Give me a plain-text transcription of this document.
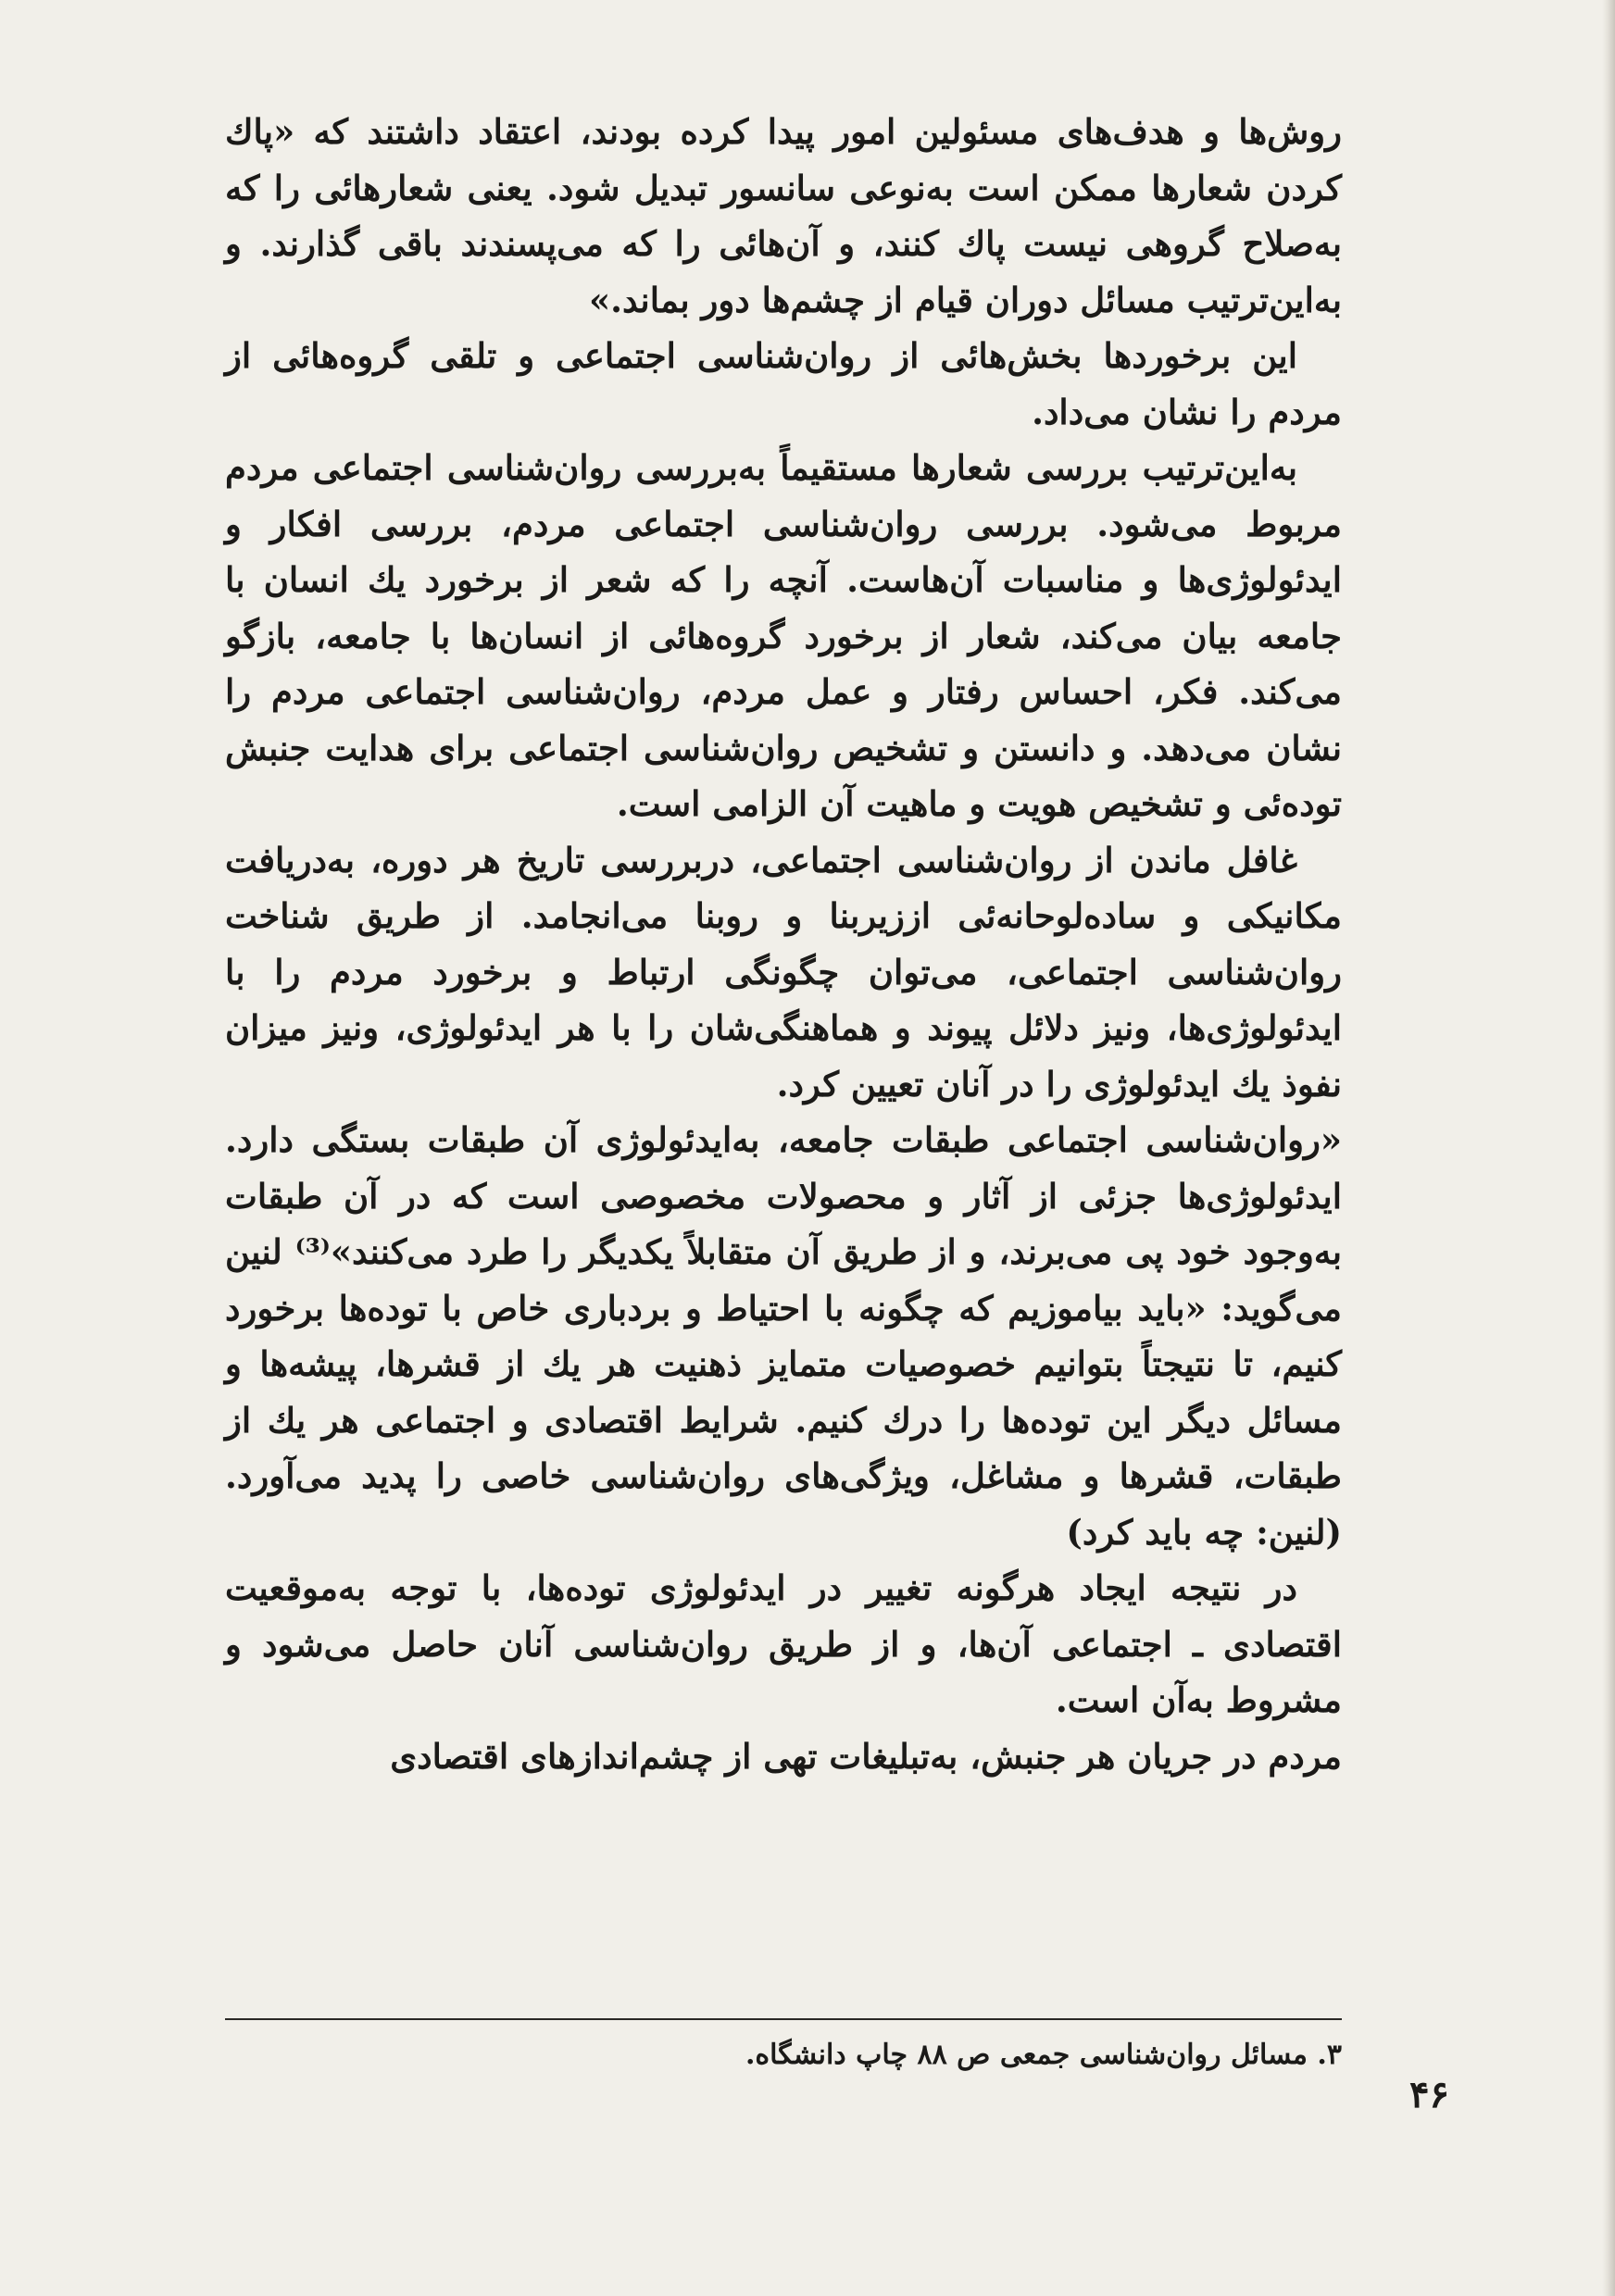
روش‌ها و هدف‌های مسئولین امور پیدا کرده بودند، اعتقاد داشتند که «پاك کردن شعارها ممکن است به‌نوعی سانسور تبدیل شود. یعنی شعارهائی را که به‌صلاح گروهی نیست پاك کنند، و آن‌هائی را که می‌پسندند باقی گذارند. و به‌این‌ترتیب مسائل دوران قیام از چشم‌ها دور بماند.»

این برخوردها بخش‌هائی از روان‌شناسی اجتماعی و تلقی گروه‌هائی از مردم را نشان می‌داد.

به‌این‌ترتیب بررسی شعارها مستقیماً به‌بررسی روان‌شناسی اجتماعی مردم مربوط می‌شود. بررسی روان‌شناسی اجتماعی مردم، بررسی افکار و ایدئولوژی‌ها و مناسبات آن‌هاست. آنچه را که شعر از برخورد یك انسان با جامعه بیان می‌کند، شعار از برخورد گروه‌هائی از انسان‌ها با جامعه، بازگو می‌کند. فکر، احساس رفتار و عمل مردم، روان‌شناسی اجتماعی مردم را نشان می‌دهد. و دانستن و تشخیص روان‌شناسی اجتماعی برای هدایت جنبش توده‌ئی و تشخیص هویت و ماهیت آن الزامی است.

غافل ماندن از روان‌شناسی اجتماعی، دربررسی تاریخ هر دوره، به‌دریافت مکانیکی و ساده‌لوحانه‌ئی اززیربنا و روبنا می‌انجامد. از طریق شناخت روان‌شناسی اجتماعی، می‌توان چگونگی ارتباط و برخورد مردم را با ایدئولوژی‌ها، ونیز دلائل پیوند و هماهنگی‌شان را با هر ایدئولوژی، ونیز میزان نفوذ یك ایدئولوژی را در آنان تعیین کرد.

«روان‌شناسی اجتماعی طبقات جامعه، به‌ایدئولوژی آن طبقات بستگی دارد. ایدئولوژی‌ها جزئی از آثار و محصولات مخصوصی است که در آن طبقات به‌وجود خود پی می‌برند، و از طریق آن متقابلاً یکدیگر را طرد می‌کنند»⁽³⁾ لنین می‌گوید: «باید بیاموزیم که چگونه با احتیاط و بردباری خاص با توده‌ها برخورد کنیم، تا نتیجتاً بتوانیم خصوصیات متمایز ذهنیت هر یك از قشرها، پیشه‌ها و مسائل دیگر این توده‌ها را درك کنیم. شرایط اقتصادی و اجتماعی هر یك از طبقات، قشرها و مشاغل، ویژگی‌های روان‌شناسی خاصی را پدید می‌آورد. (لنین: چه باید کرد)

در نتیجه ایجاد هرگونه تغییر در ایدئولوژی توده‌ها، با توجه به‌موقعیت اقتصادی ـ اجتماعی آن‌ها، و از طریق روان‌شناسی آنان حاصل می‌شود و مشروط به‌آن است.

مردم در جریان هر جنبش، به‌تبلیغات تهی از چشم‌اندازهای اقتصادی

۳. مسائل روان‌شناسی جمعی ص ۸۸ چاپ دانشگاه.
۴۶
